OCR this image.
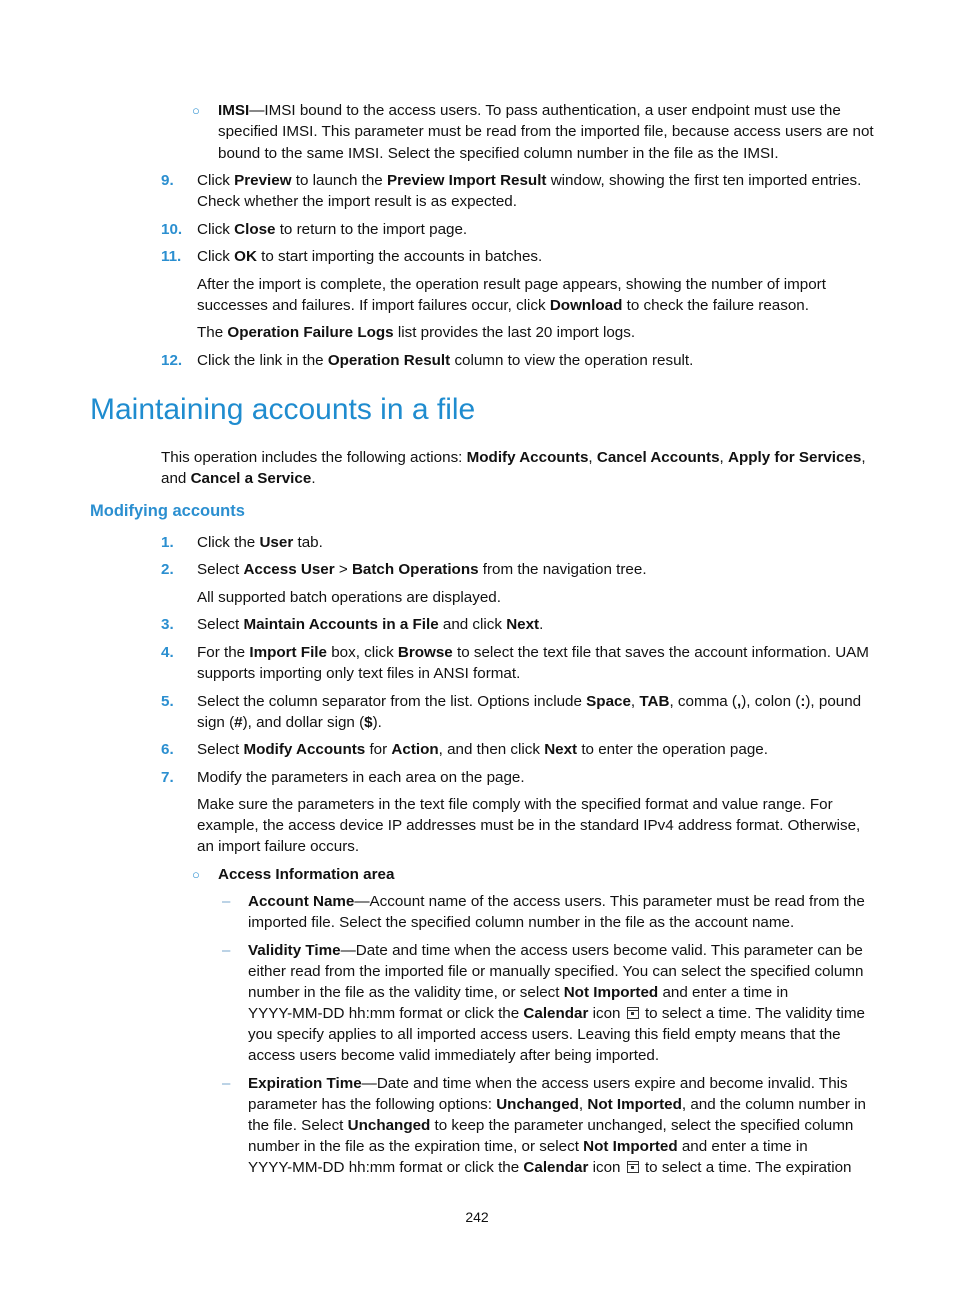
○ IMSI—IMSI bound to the access users. To pass authentication, a user endpoint must use the
specified IMSI. This parameter must be read from the imported file, because access users are not
bound to the same IMSI. Select the specified column number in the file as the IMSI.
9. Click Preview to launch the Preview Import Result window, showing the first ten imported entries.
Check whether the import result is as expected.
10. Click Close to return to the import page.
11. Click OK to start importing the accounts in batches.
After the import is complete, the operation result page appears, showing the number of import
successes and failures. If import failures occur, click Download to check the failure reason.
The Operation Failure Logs list provides the last 20 import logs.
12. Click the link in the Operation Result column to view the operation result.
Maintaining accounts in a file
This operation includes the following actions: Modify Accounts, Cancel Accounts, Apply for Services,
and Cancel a Service.
Modifying accounts
1. Click the User tab.
2. Select Access User > Batch Operations from the navigation tree.
All supported batch operations are displayed.
3. Select Maintain Accounts in a File and click Next.
4. For the Import File box, click Browse to select the text file that saves the account information. UAM
supports importing only text files in ANSI format.
5. Select the column separator from the list. Options include Space, TAB, comma (,), colon (:), pound
sign (#), and dollar sign ($).
6. Select Modify Accounts for Action, and then click Next to enter the operation page.
7. Modify the parameters in each area on the page.
Make sure the parameters in the text file comply with the specified format and value range. For
example, the access device IP addresses must be in the standard IPv4 address format. Otherwise,
an import failure occurs.
○ Access Information area
– Account Name—Account name of the access users. This parameter must be read from the
imported file. Select the specified column number in the file as the account name.
– Validity Time—Date and time when the access users become valid. This parameter can be
either read from the imported file or manually specified. You can select the specified column
number in the file as the validity time, or select Not Imported and enter a time in
YYYY-MM-DD hh:mm format or click the Calendar icon  to select a time. The validity time
you specify applies to all imported access users. Leaving this field empty means that the
access users become valid immediately after being imported.
– Expiration Time—Date and time when the access users expire and become invalid. This
parameter has the following options: Unchanged, Not Imported, and the column number in
the file. Select Unchanged to keep the parameter unchanged, select the specified column
number in the file as the expiration time, or select Not Imported and enter a time in
YYYY-MM-DD hh:mm format or click the Calendar icon  to select a time. The expiration
242
